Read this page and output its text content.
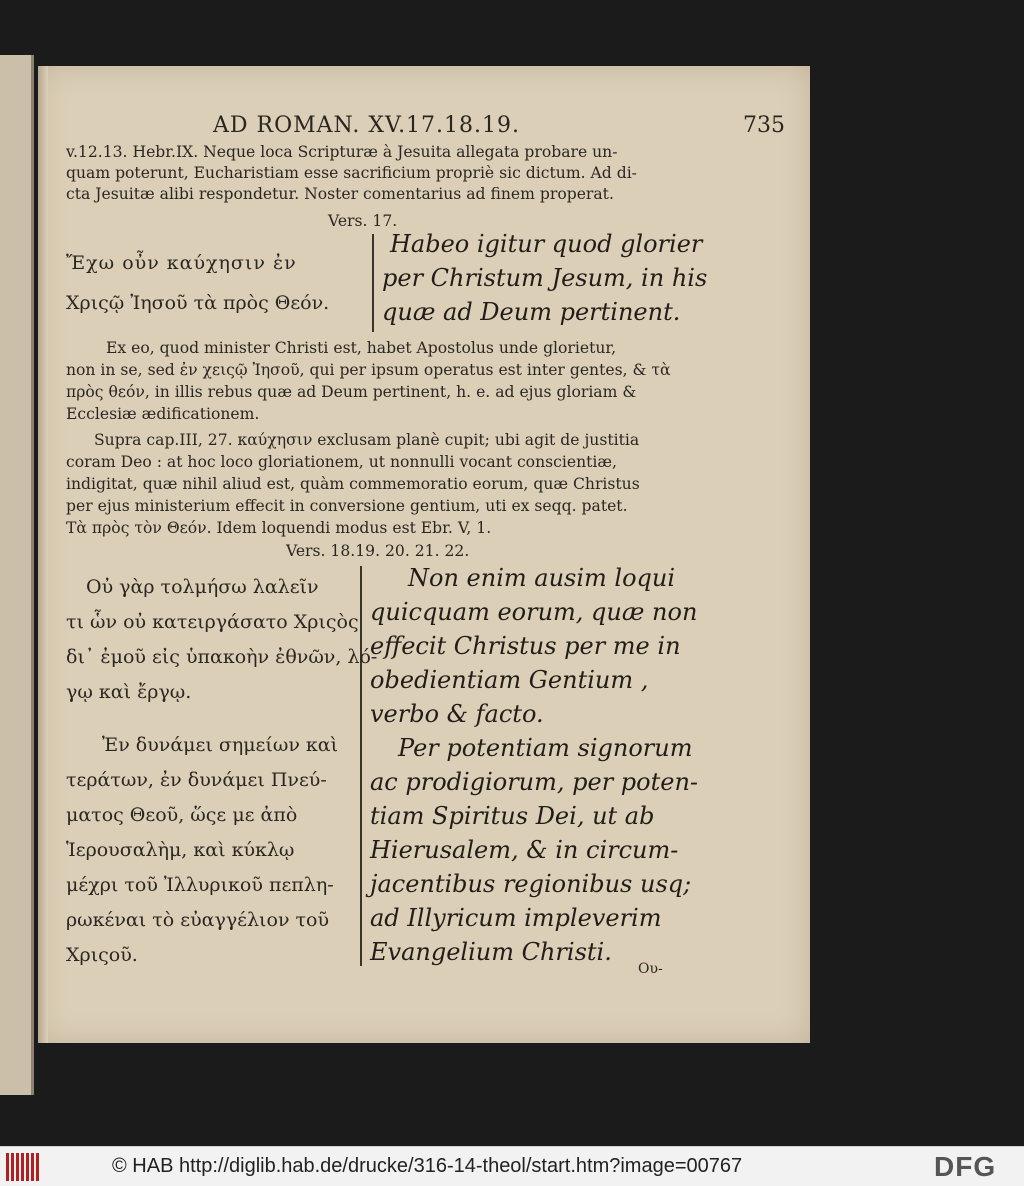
AD ROMAN. XV.17.18.19.	735
v.12.13. Hebr.IX. Neque loca Scripturæ à Jesuita allegata probare un-
quam poterunt, Eucharistiam esse sacrificium propriè sic dictum. Ad di-
cta Jesuitæ alibi respondetur. Noster comentarius ad finem properat.
Vers. 17.
Ἔχω οὖν καύχησιν ἐν
Χριςῷ Ἰησοῦ τὰ πρὸς Θεόν.
Habeo igitur quod glorier
per Christum Jesum, in his
quæ ad Deum pertinent.
Ex eo, quod minister Christi est, habet Apostolus unde glorietur,
non in se, sed ἐν χειςῷ Ἰησοῦ, qui per ipsum operatus est inter gentes, & τὰ
πρὸς θεόν, in illis rebus quæ ad Deum pertinent, h. e. ad ejus gloriam &
Ecclesiæ ædificationem.
Supra cap.III, 27. καύχησιν exclusam planè cupit; ubi agit de justitia
coram Deo : at hoc loco gloriationem, ut nonnulli vocant conscientiæ,
indigitat, quæ nihil aliud est, quàm commemoratio eorum, quæ Christus
per ejus ministerium effecit in conversione gentium, uti ex seqq. patet.
Τὰ πρὸς τὸν Θεόν. Idem loquendi modus est Ebr. V, 1.
Vers. 18.19. 20. 21. 22.
Οὐ γὰρ τολμήσω λαλεῖν
τι ὧν οὐ κατειργάσατο Χριςὸς
δι᾽ ἐμοῦ εἰς ὑπακοὴν ἐθνῶν, λό-
γῳ καὶ ἔργῳ.
Ἐν δυνάμει σημείων καὶ
τεράτων, ἐν δυνάμει Πνεύ-
ματος Θεοῦ, ὥςε με ἀπὸ
Ἱερουσαλὴμ, καὶ κύκλῳ
μέχρι τοῦ Ἰλλυρικοῦ πεπλη-
ρωκέναι τὸ εὐαγγέλιον τοῦ
Χριςοῦ.
Non enim ausim loqui
quicquam eorum, quæ non
effecit Christus per me in
obedientiam Gentium ,
verbo & facto.
Per potentiam signorum
ac prodigiorum, per poten-
tiam Spiritus Dei, ut ab
Hierusalem, & in circum-
jacentibus regionibus usq;
ad Illyricum impleverim
Evangelium Christi.
Ου-
© HAB http://diglib.hab.de/drucke/316-14-theol/start.htm?image=00767	DFG
